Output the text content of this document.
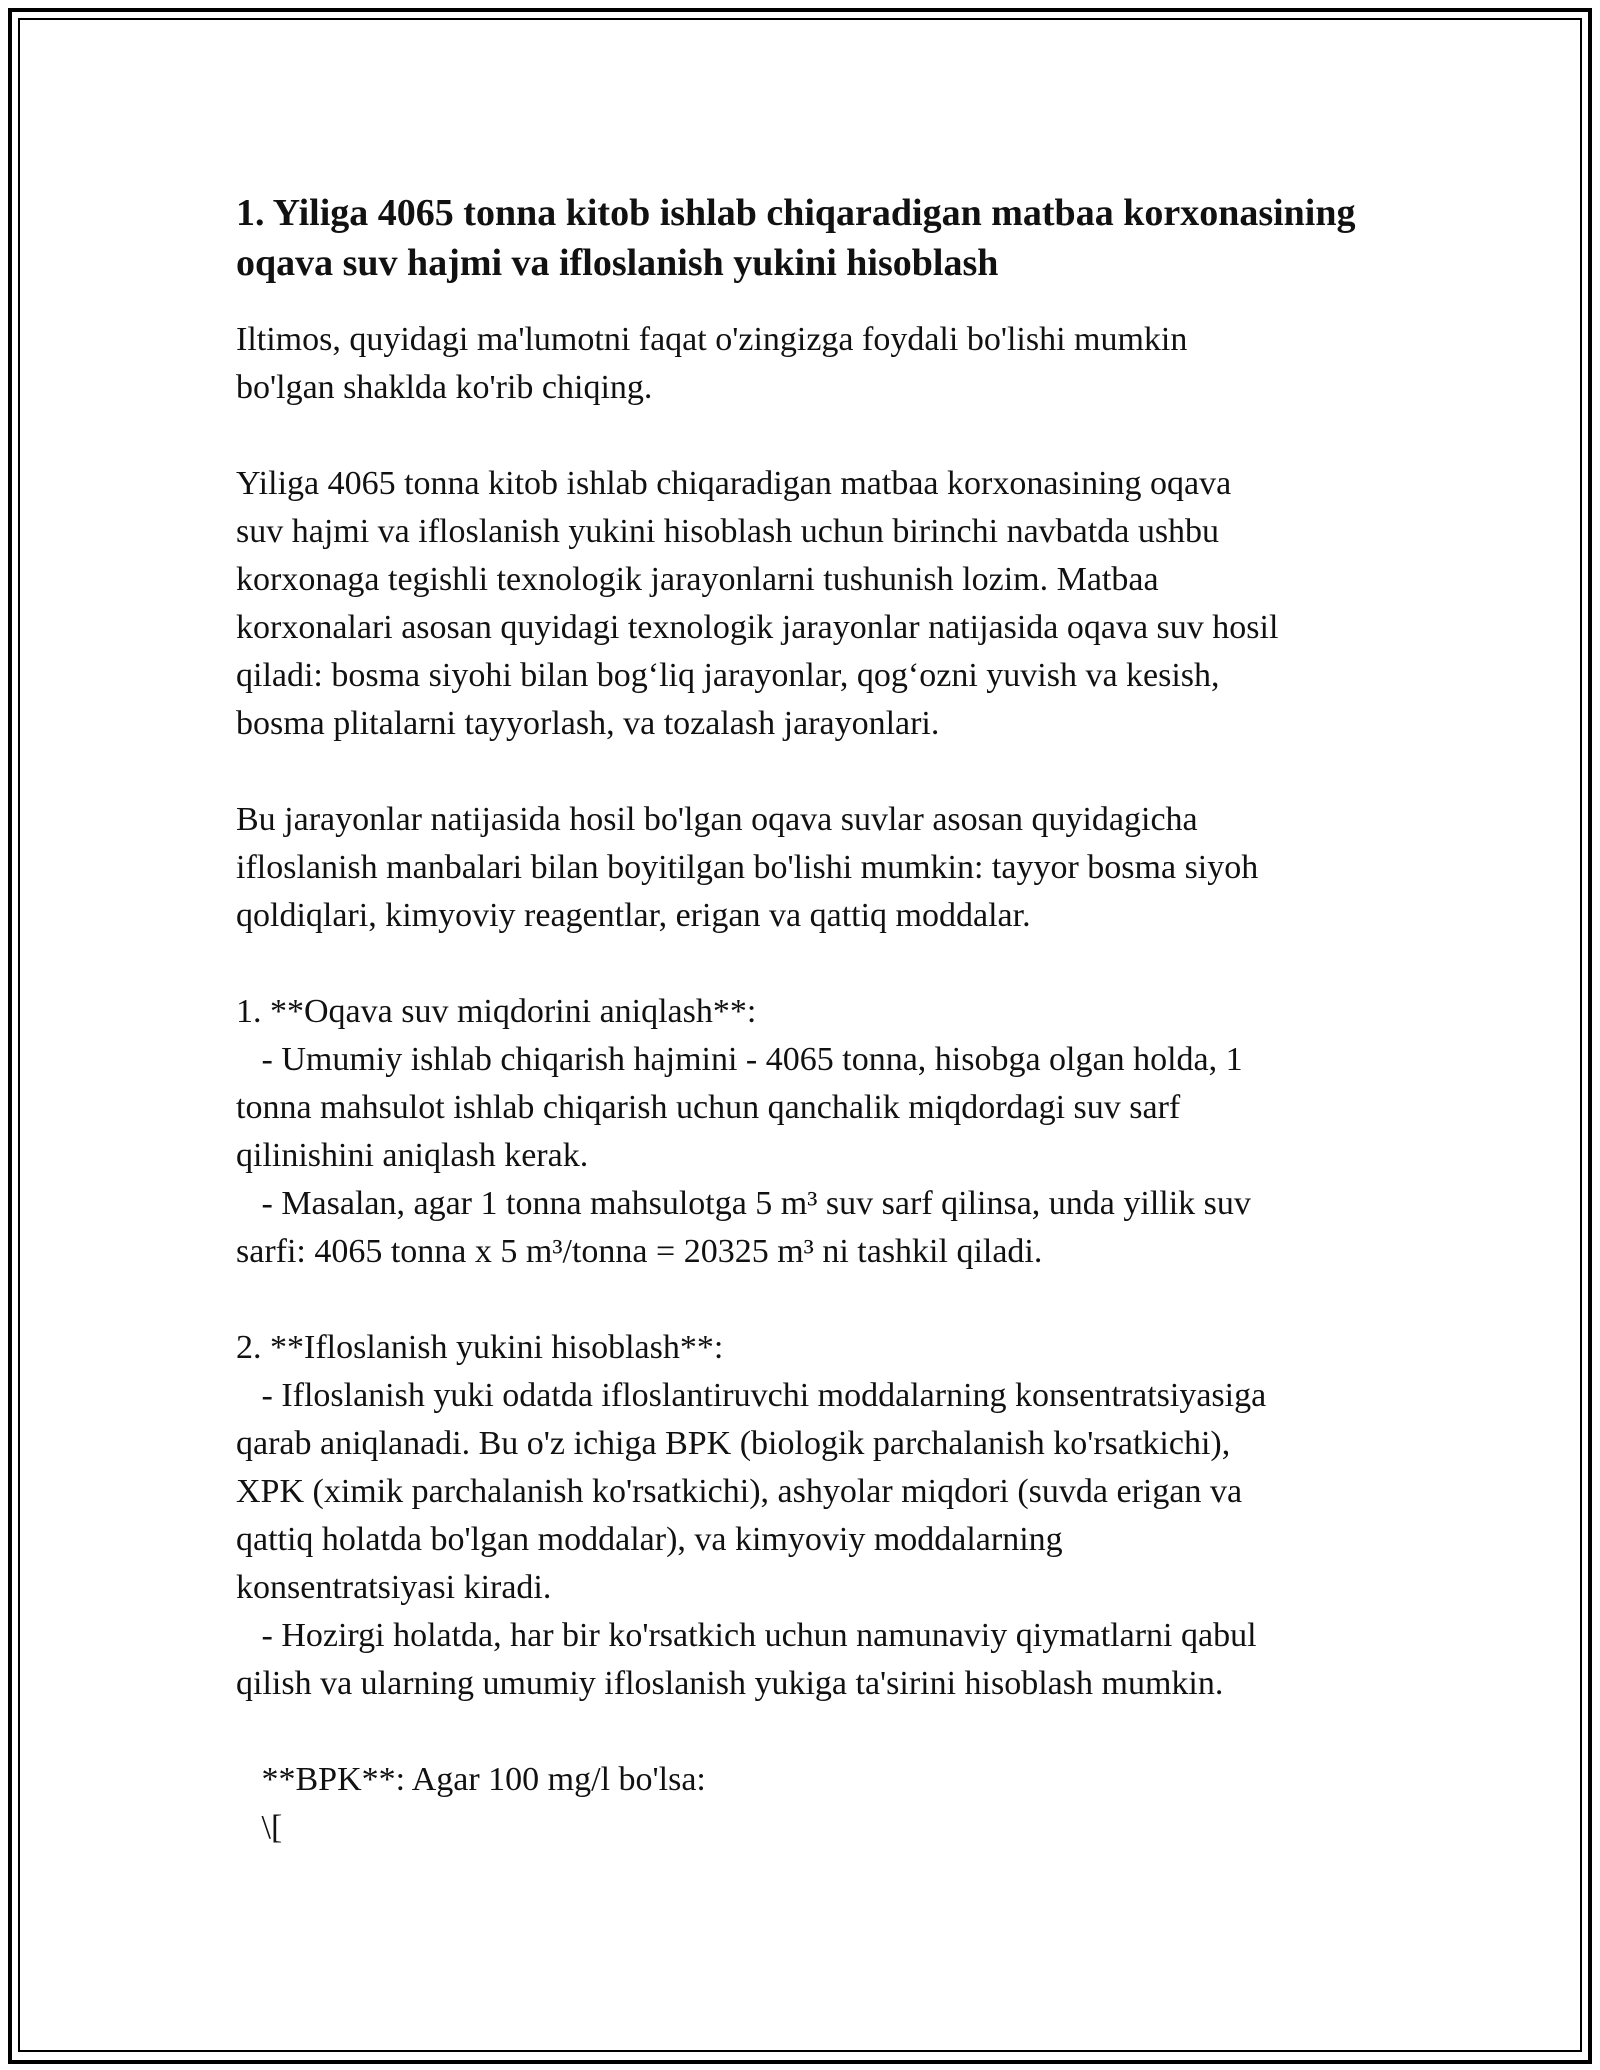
1. Yiliga 4065 tonna kitob ishlab chiqaradigan matbaa korxonasining oqava suv hajmi va ifloslanish yukini hisoblash

Iltimos, quyidagi ma'lumotni faqat o'zingizga foydali bo'lishi mumkin
bo'lgan shaklda ko'rib chiqing.

Yiliga 4065 tonna kitob ishlab chiqaradigan matbaa korxonasining oqava
suv hajmi va ifloslanish yukini hisoblash uchun birinchi navbatda ushbu
korxonaga tegishli texnologik jarayonlarni tushunish lozim. Matbaa
korxonalari asosan quyidagi texnologik jarayonlar natijasida oqava suv hosil
qiladi: bosma siyohi bilan bog‘liq jarayonlar, qog‘ozni yuvish va kesish,
bosma plitalarni tayyorlash, va tozalash jarayonlari.

Bu jarayonlar natijasida hosil bo'lgan oqava suvlar asosan quyidagicha
ifloslanish manbalari bilan boyitilgan bo'lishi mumkin: tayyor bosma siyoh
qoldiqlari, kimyoviy reagentlar, erigan va qattiq moddalar.

1. **Oqava suv miqdorini aniqlash**:
- Umumiy ishlab chiqarish hajmini - 4065 tonna, hisobga olgan holda, 1
tonna mahsulot ishlab chiqarish uchun qanchalik miqdordagi suv sarf
qilinishini aniqlash kerak.
- Masalan, agar 1 tonna mahsulotga 5 m³ suv sarf qilinsa, unda yillik suv
sarfi: 4065 tonna x 5 m³/tonna = 20325 m³ ni tashkil qiladi.

2. **Ifloslanish yukini hisoblash**:
- Ifloslanish yuki odatda ifloslantiruvchi moddalarning konsentratsiyasiga
qarab aniqlanadi. Bu o'z ichiga BPK (biologik parchalanish ko'rsatkichi),
XPK (ximik parchalanish ko'rsatkichi), ashyolar miqdori (suvda erigan va
qattiq holatda bo'lgan moddalar), va kimyoviy moddalarning
konsentratsiyasi kiradi.
- Hozirgi holatda, har bir ko'rsatkich uchun namunaviy qiymatlarni qabul
qilish va ularning umumiy ifloslanish yukiga ta'sirini hisoblash mumkin.

**BPK**: Agar 100 mg/l bo'lsa:
\[
